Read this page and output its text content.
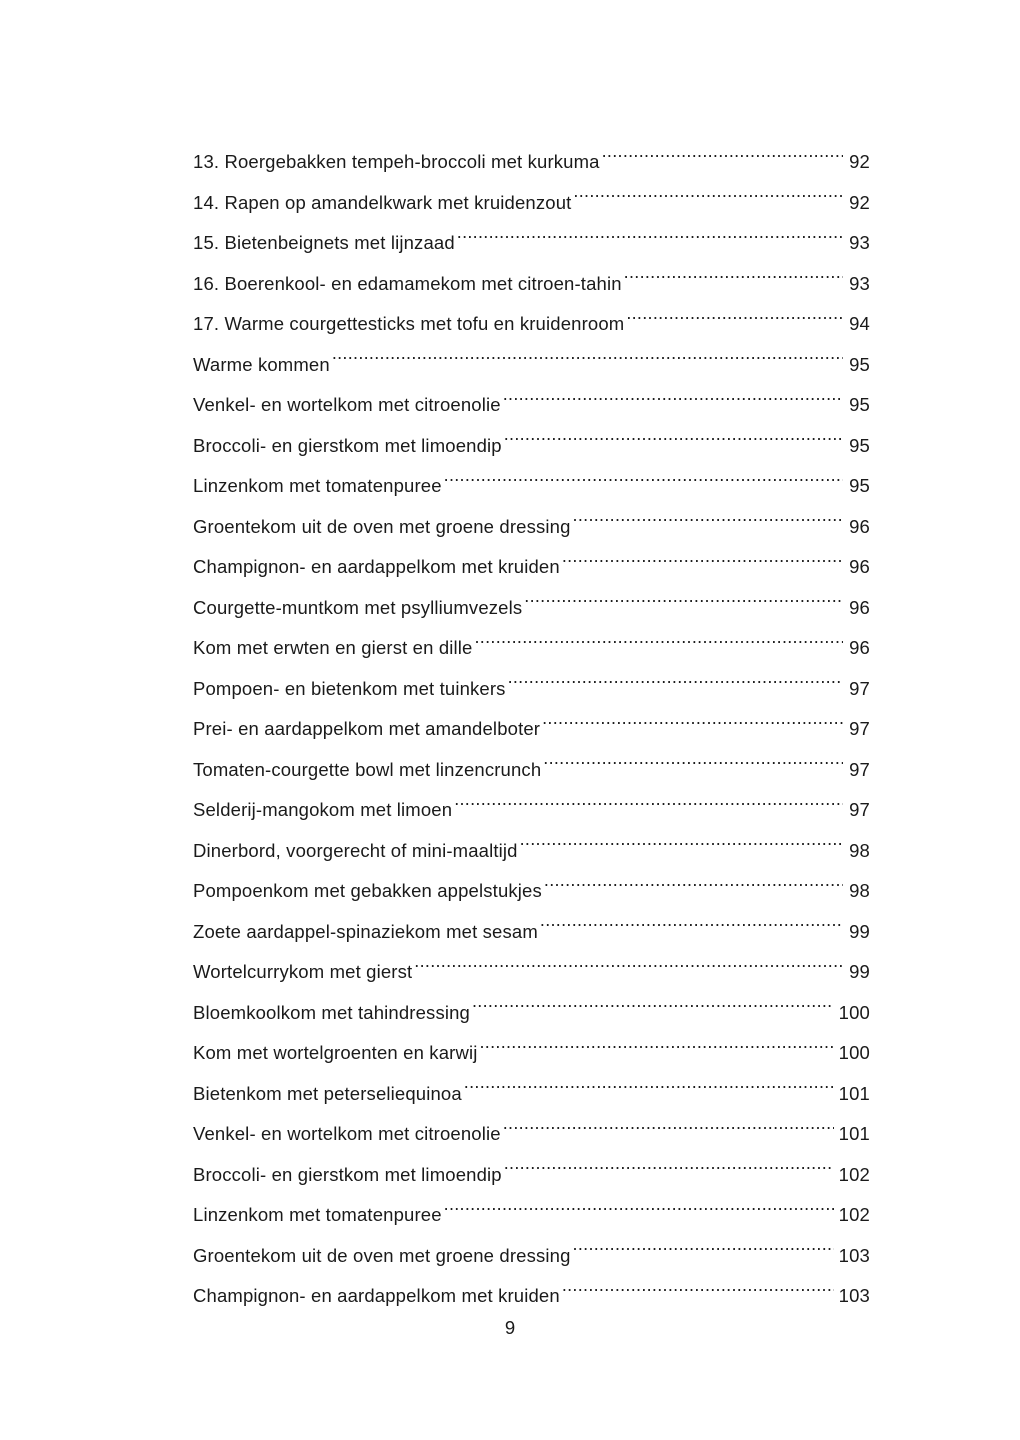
13. Roergebakken tempeh-broccoli met kurkuma .....	92
14. Rapen op amandelkwark met kruidenzout .....	92
15. Bietenbeignets met lijnzaad .....	93
16. Boerenkool- en edamamekom met citroen-tahin .....	93
17. Warme courgettesticks met tofu en kruidenroom .....	94
Warme kommen .....	95
Venkel- en wortelkom met citroenolie .....	95
Broccoli- en gierstkom met limoendip .....	95
Linzenkom met tomatenpuree .....	95
Groentekom uit de oven met groene dressing .....	96
Champignon- en aardappelkom met kruiden .....	96
Courgette-muntkom met psylliumvezels .....	96
Kom met erwten en gierst en dille .....	96
Pompoen- en bietenkom met tuinkers .....	97
Prei- en aardappelkom met amandelboter .....	97
Tomaten-courgette bowl met linzencrunch .....	97
Selderij-mangokom met limoen .....	97
Dinerbord, voorgerecht of mini-maaltijd .....	98
Pompoenkom met gebakken appelstukjes .....	98
Zoete aardappel-spinaziekom met sesam .....	99
Wortelcurrykom met gierst .....	99
Bloemkoolkom met tahindressing .....	100
Kom met wortelgroenten en karwij .....	100
Bietenkom met peterseliequinoa .....	101
Venkel- en wortelkom met citroenolie .....	101
Broccoli- en gierstkom met limoendip .....	102
Linzenkom met tomatenpuree .....	102
Groentekom uit de oven met groene dressing .....	103
Champignon- en aardappelkom met kruiden .....	103
9
